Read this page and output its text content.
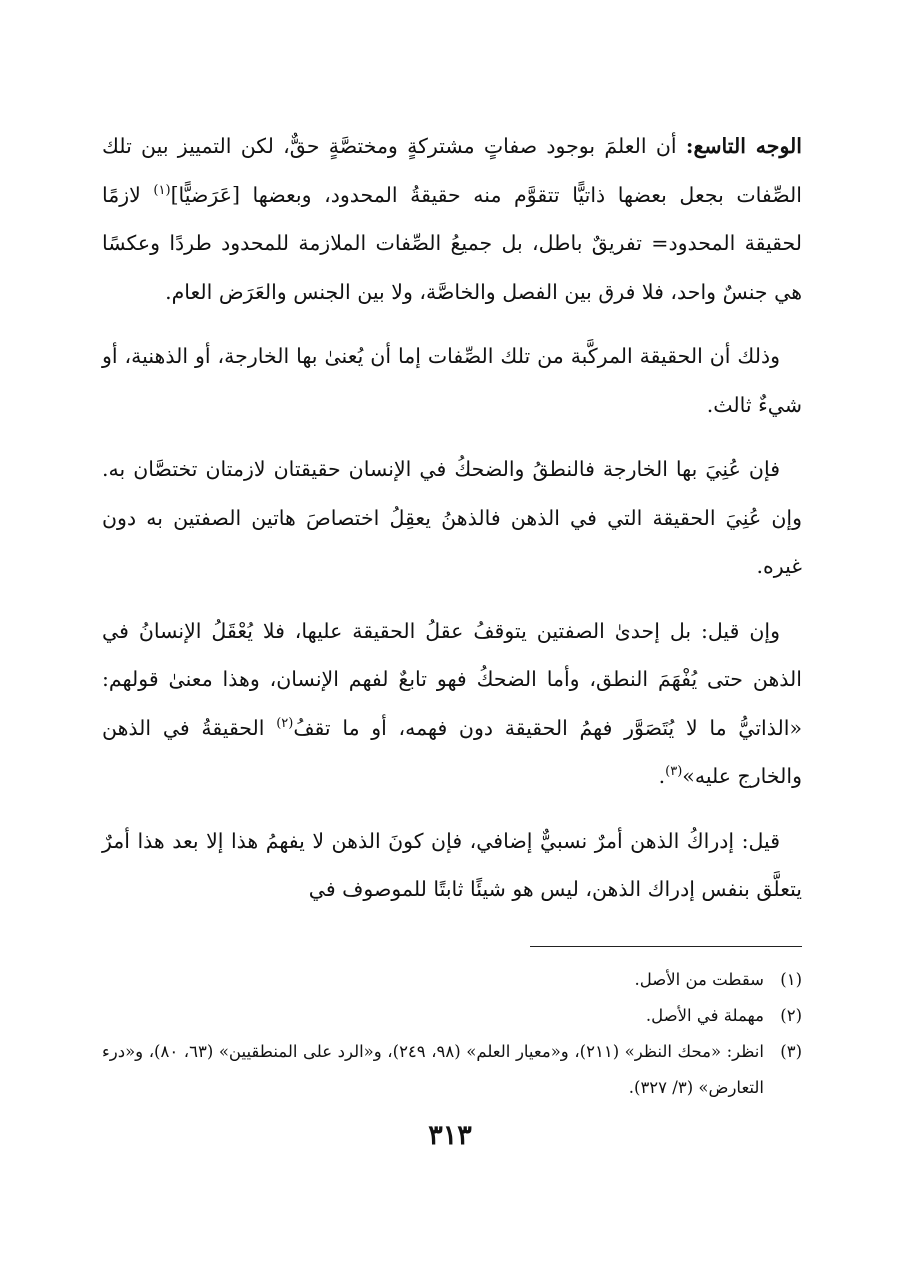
الوجه التاسع: أن العلمَ بوجود صفاتٍ مشتركةٍ ومختصَّةٍ حقٌّ، لكن التمييز بين تلك الصِّفات بجعل بعضها ذاتيًّا تتقوَّم منه حقيقةُ المحدود، وبعضها [عَرَضيًّا]$^{(١)}$ لازمًا لحقيقة المحدود= تفريقٌ باطل، بل جميعُ الصِّفات الملازمة للمحدود طردًا وعكسًا هي جنسٌ واحد، فلا فرق بين الفصل والخاصَّة، ولا بين الجنس والعَرَض العام.

وذلك أن الحقيقة المركَّبة من تلك الصِّفات إما أن يُعنىٰ بها الخارجة، أو الذهنية، أو شيءٌ ثالث.

فإن عُنِيَ بها الخارجة فالنطقُ والضحكُ في الإنسان حقيقتان لازمتان تختصَّان به. وإن عُنِيَ الحقيقة التي في الذهن فالذهنُ يعقِلُ اختصاصَ هاتين الصفتين به دون غيره.

وإن قيل: بل إحدىٰ الصفتين يتوقفُ عقلُ الحقيقة عليها، فلا يُعْقَلُ الإنسانُ في الذهن حتى يُفْهَمَ النطق، وأما الضحكُ فهو تابعٌ لفهم الإنسان، وهذا معنىٰ قولهم: «الذاتيُّ ما لا يُتَصَوَّر فهمُ الحقيقة دون فهمه، أو ما تقفُ$^{(٢)}$ الحقيقةُ في الذهن والخارج عليه»$^{(٣)}$.

قيل: إدراكُ الذهن أمرٌ نسبيٌّ إضافي، فإن كونَ الذهن لا يفهمُ هذا إلا بعد هذا أمرٌ يتعلَّق بنفس إدراك الذهن، ليس هو شيئًا ثابتًا للموصوف في

(١)
سقطت من الأصل.
(٢)
مهملة في الأصل.
(٣)
انظر: «محك النظر» (٢١١)، و«معيار العلم» (٩٨، ٢٤٩)، و«الرد على المنطقيين» (٦٣، ٨٠)، و«درء التعارض» (٣/ ٣٢٧).
٣١٣
